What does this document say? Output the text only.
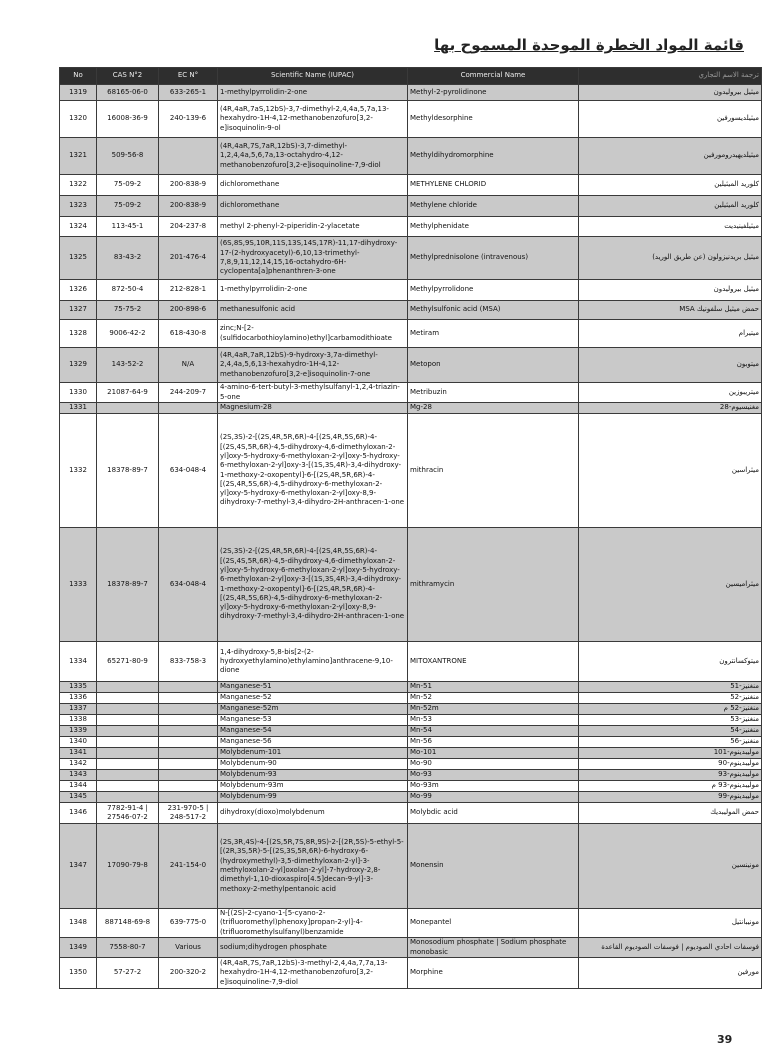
قائمة المواد الخطرة الموحدة المسموح بها
No	CAS N°2	EC N°	Scientific Name (IUPAC)	Commercial Name	ترجمة الاسم التجاري
1319	68165-06-0	633-265-1	1-methylpyrrolidin-2-one	Methyl-2-pyrolidinone	ميثيل بيروليدون
1320	16008-36-9	240-139-6	(4R,4aR,7aS,12bS)-3,7-dimethyl-2,4,4a,5,7a,13-hexahydro-1H-4,12-methanobenzofuro[3,2-e]isoquinolin-9-ol	Methyldesorphine	ميثيلديسورفين
1321	509-56-8		(4R,4aR,7S,7aR,12bS)-3,7-dimethyl-1,2,4,4a,5,6,7a,13-octahydro-4,12-methanobenzofuro[3,2-e]isoquinoline-7,9-diol	Methyldihydromorphine	ميثيلديهيدرومورفين
1322	75-09-2	200-838-9	dichloromethane	METHYLENE CHLORID	كلوريد الميثيلين
1323	75-09-2	200-838-9	dichloromethane	Methylene chloride	كلوريد الميثيلين
1324	113-45-1	204-237-8	methyl 2-phenyl-2-piperidin-2-ylacetate	Methylphenidate	ميثيلفينيديت
1325	83-43-2	201-476-4	(6S,8S,9S,10R,11S,13S,14S,17R)-11,17-dihydroxy-17-(2-hydroxyacetyl)-6,10,13-trimethyl-7,8,9,11,12,14,15,16-octahydro-6H-cyclopenta[a]phenanthren-3-one	Methylprednisolone (intravenous)	ميثيل بريدنيزولون (عن طريق الوريد)
1326	872-50-4	212-828-1	1-methylpyrrolidin-2-one	Methylpyrrolidone	ميثيل بيروليدون
1327	75-75-2	200-898-6	methanesulfonic acid	Methylsulfonic acid (MSA)	حمض ميثيل سلفونيك MSA
1328	9006-42-2	618-430-8	zinc;N-[2-(sulfidocarbothioylamino)ethyl]carbamodithioate	Metiram	ميتيرام
1329	143-52-2	N/A	(4R,4aR,7aR,12bS)-9-hydroxy-3,7a-dimethyl-2,4,4a,5,6,13-hexahydro-1H-4,12-methanobenzofuro[3,2-e]isoquinolin-7-one	Metopon	ميتوبون
1330	21087-64-9	244-209-7	4-amino-6-tert-butyl-3-methylsulfanyl-1,2,4-triazin-5-one	Metribuzin	ميتريبوزين
1331			Magnesium-28	Mg-28	مغنيسيوم-28
1332	18378-89-7	634-048-4	(2S,3S)-2-[(2S,4R,5R,6R)-4-[(2S,4R,5S,6R)-4-[(2S,4S,5R,6R)-4,5-dihydroxy-4,6-dimethyloxan-2-yl]oxy-5-hydroxy-6-methyloxan-2-yl]oxy-5-hydroxy-6-methyloxan-2-yl]oxy-3-[(1S,3S,4R)-3,4-dihydroxy-1-methoxy-2-oxopentyl]-6-[(2S,4R,5R,6R)-4-[(2S,4R,5S,6R)-4,5-dihydroxy-6-methyloxan-2-yl]oxy-5-hydroxy-6-methyloxan-2-yl]oxy-8,9-dihydroxy-7-methyl-3,4-dihydro-2H-anthracen-1-one	mithracin	ميثراسين
1333	18378-89-7	634-048-4	(2S,3S)-2-[(2S,4R,5R,6R)-4-[(2S,4R,5S,6R)-4-[(2S,4S,5R,6R)-4,5-dihydroxy-4,6-dimethyloxan-2-yl]oxy-5-hydroxy-6-methyloxan-2-yl]oxy-5-hydroxy-6-methyloxan-2-yl]oxy-3-[(1S,3S,4R)-3,4-dihydroxy-1-methoxy-2-oxopentyl]-6-[(2S,4R,5R,6R)-4-[(2S,4R,5S,6R)-4,5-dihydroxy-6-methyloxan-2-yl]oxy-5-hydroxy-6-methyloxan-2-yl]oxy-8,9-dihydroxy-7-methyl-3,4-dihydro-2H-anthracen-1-one	mithramycin	ميثراميسين
1334	65271-80-9	833-758-3	1,4-dihydroxy-5,8-bis[2-(2-hydroxyethylamino)ethylamino]anthracene-9,10-dione	MITOXANTRONE	ميتوكسانترون
1335			Manganese-51	Mn-51	منغنيز-51
1336			Manganese-52	Mn-52	منغنيز-52
1337			Manganese-52m	Mn-52m	منغنيز-52 م
1338			Manganese-53	Mn-53	منغنيز-53
1339			Manganese-54	Mn-54	منغنيز-54
1340			Manganese-56	Mn-56	منغنيز-56
1341			Molybdenum-101	Mo-101	موليبدينوم-101
1342			Molybdenum-90	Mo-90	موليبدينوم-90
1343			Molybdenum-93	Mo-93	موليبدينوم-93
1344			Molybdenum-93m	Mo-93m	موليبدينوم-93 م
1345			Molybdenum-99	Mo-99	موليبدينوم-99
1346	7782-91-4 | 27546-07-2	231-970-5 | 248-517-2	dihydroxy(dioxo)molybdenum	Molybdic acid	حمض الموليبديك
1347	17090-79-8	241-154-0	(2S,3R,4S)-4-[(2S,5R,7S,8R,9S)-2-[(2R,5S)-5-ethyl-5-[(2R,3S,5R)-5-[(2S,3S,5R,6R)-6-hydroxy-6-(hydroxymethyl)-3,5-dimethyloxan-2-yl]-3-methyloxolan-2-yl]oxolan-2-yl]-7-hydroxy-2,8-dimethyl-1,10-dioxaspiro[4.5]decan-9-yl]-3-methoxy-2-methylpentanoic acid	Monensin	مونينسين
1348	887148-69-8	639-775-0	N-[(2S)-2-cyano-1-[5-cyano-2-(trifluoromethyl)phenoxy]propan-2-yl]-4-(trifluoromethylsulfanyl)benzamide	Monepantel	مونيبانتيل
1349	7558-80-7	Various	sodium;dihydrogen phosphate	Monosodium phosphate | Sodium phosphate monobasic	فوسفات احادي الصوديوم | فوسفات الصوديوم القاعدة
1350	57-27-2	200-320-2	(4R,4aR,7S,7aR,12bS)-3-methyl-2,4,4a,7,7a,13-hexahydro-1H-4,12-methanobenzofuro[3,2-e]isoquinoline-7,9-diol	Morphine	مورفين
39
